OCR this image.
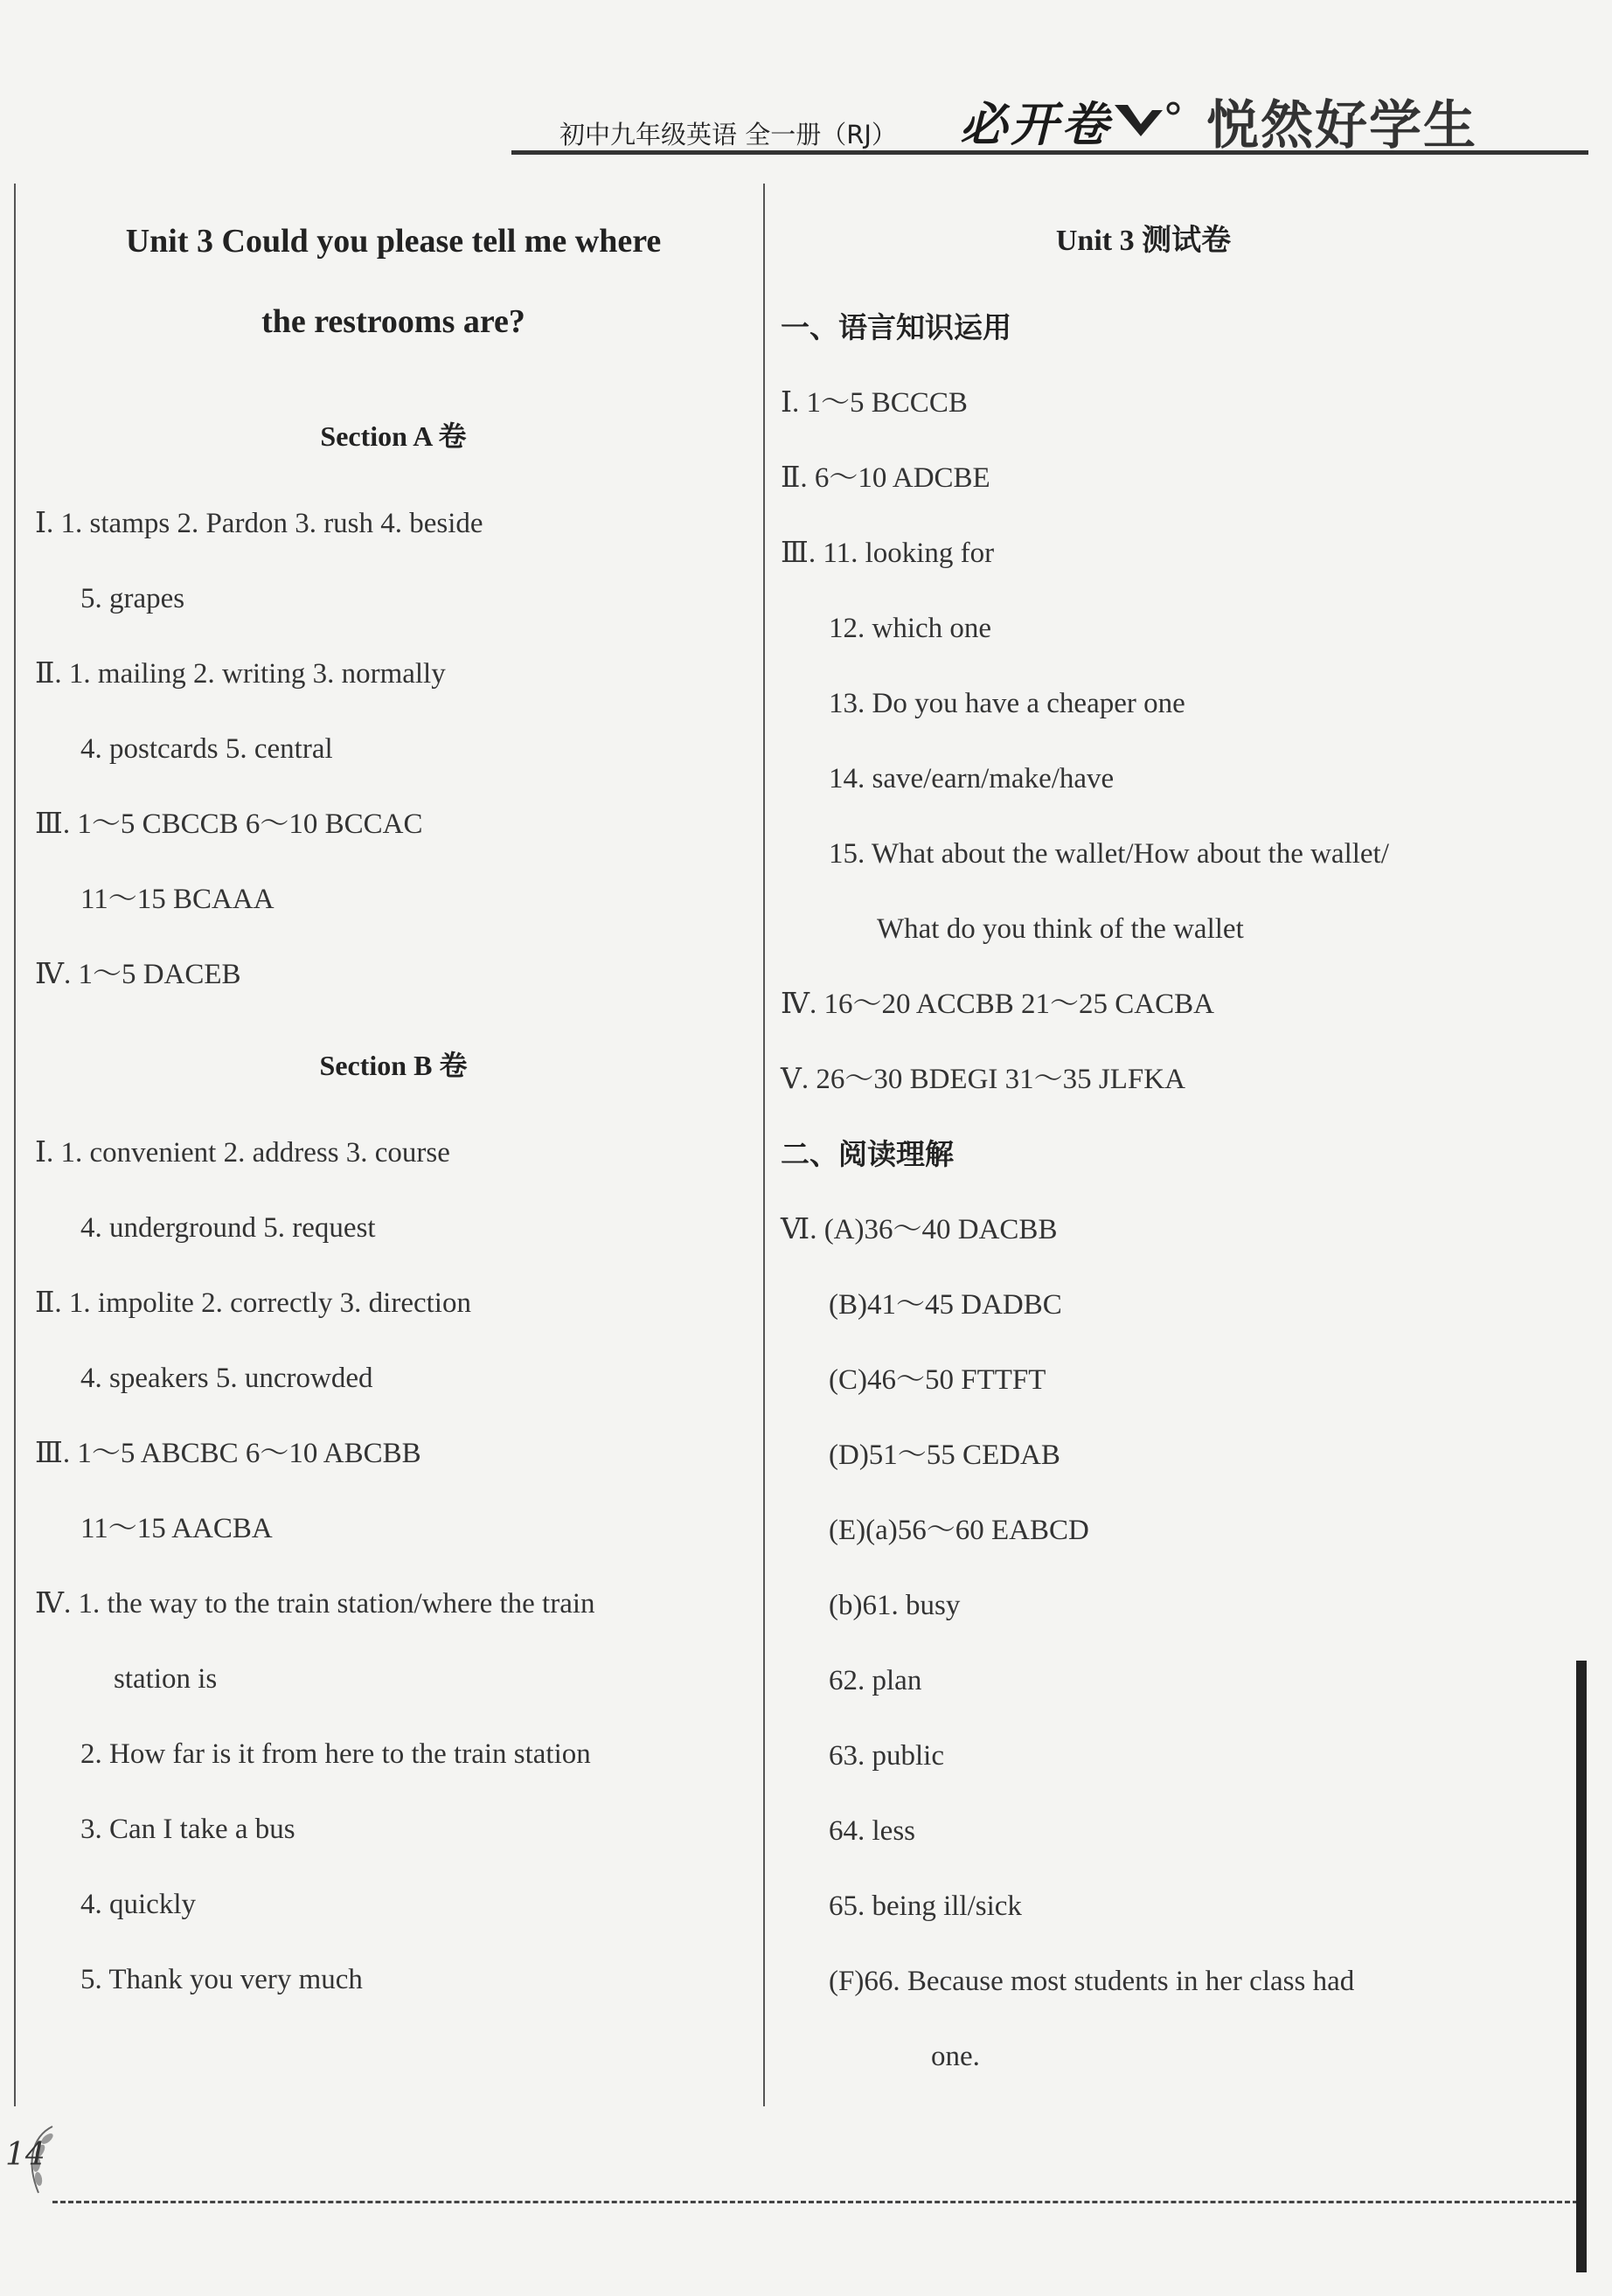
初中九年级英语 全一册（RJ） 必开卷 悦然好学生
Unit 3 Could you please tell me where
the restrooms are?
Section A 卷
Ⅰ. 1. stamps 2. Pardon 3. rush 4. beside
5. grapes
Ⅱ. 1. mailing 2. writing 3. normally
4. postcards 5. central
Ⅲ. 1～5 CBCCB 6～10 BCCAC
11～15 BCAAA
Ⅳ. 1～5 DACEB
Section B 卷
Ⅰ. 1. convenient 2. address 3. course
4. underground 5. request
Ⅱ. 1. impolite 2. correctly 3. direction
4. speakers 5. uncrowded
Ⅲ. 1～5 ABCBC 6～10 ABCBB
11～15 AACBA
Ⅳ. 1. the way to the train station/where the train
station is
2. How far is it from here to the train station
3. Can I take a bus
4. quickly
5. Thank you very much
Unit 3 测试卷
一、语言知识运用
Ⅰ. 1～5 BCCCB
Ⅱ. 6～10 ADCBE
Ⅲ. 11. looking for
12. which one
13. Do you have a cheaper one
14. save/earn/make/have
15. What about the wallet/How about the wallet/
What do you think of the wallet
Ⅳ. 16～20 ACCBB 21～25 CACBA
Ⅴ. 26～30 BDEGI 31～35 JLFKA
二、阅读理解
Ⅵ. (A)36～40 DACBB
(B)41～45 DADBC
(C)46～50 FTTFT
(D)51～55 CEDAB
(E)(a)56～60 EABCD
(b)61. busy
62. plan
63. public
64. less
65. being ill/sick
(F)66. Because most students in her class had
one.
14
